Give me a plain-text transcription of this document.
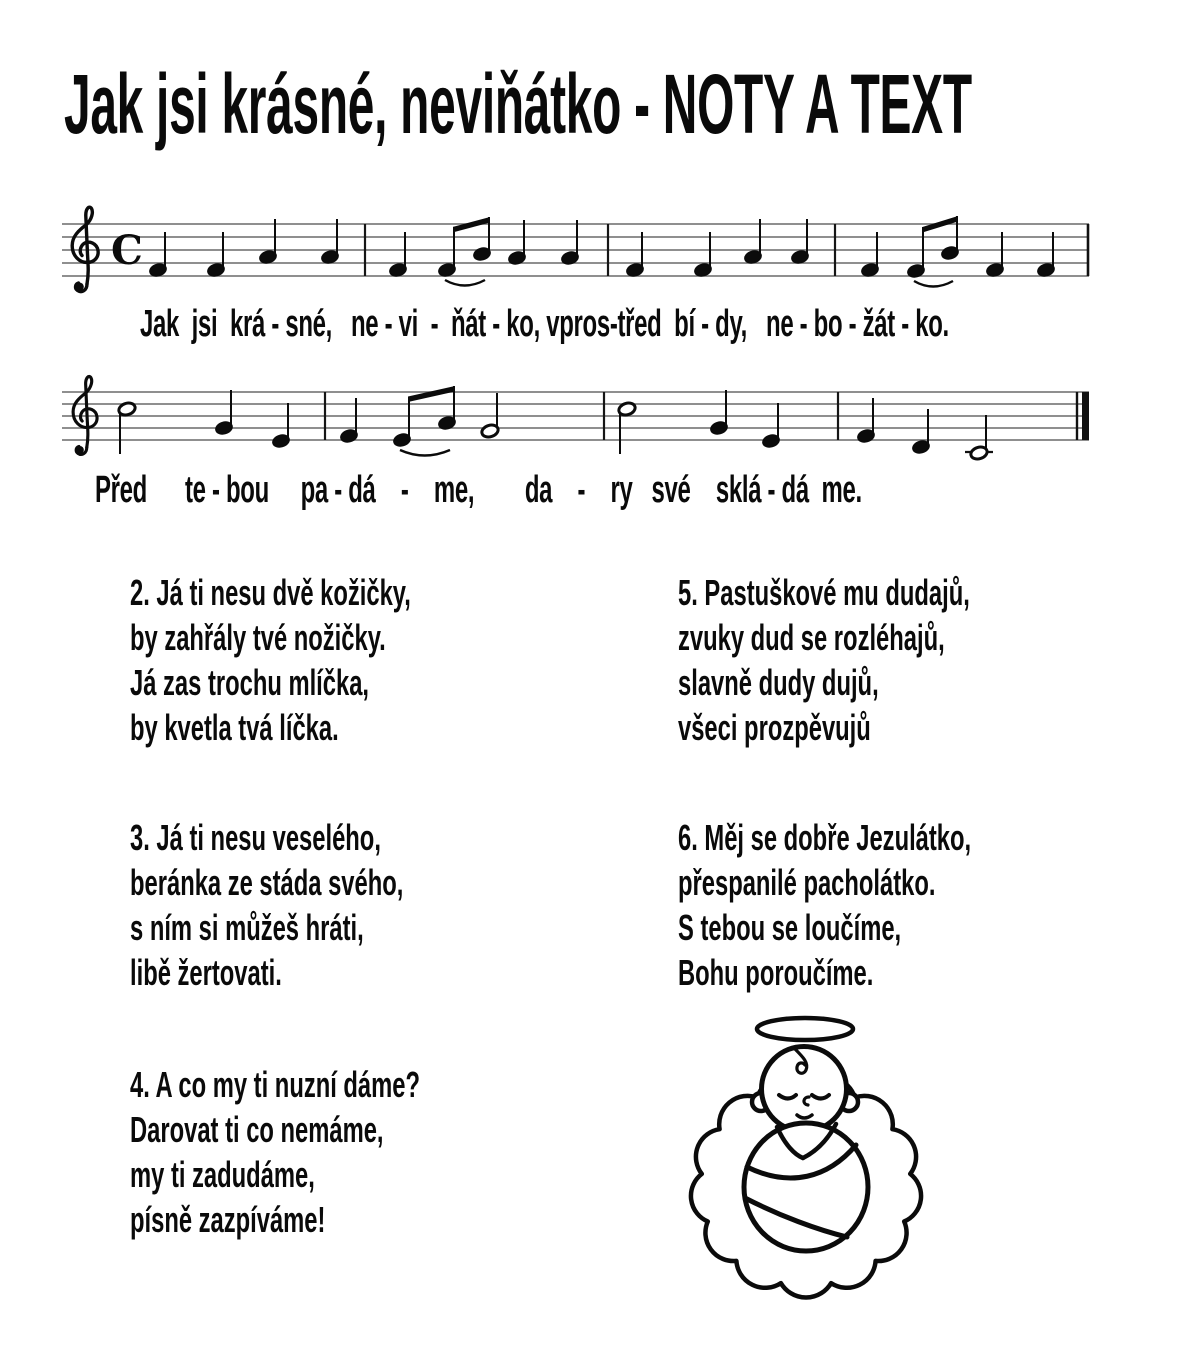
Jak jsi krásné, neviňátko - NOTY A TEXT
C
Jak  jsi  krá - sné,   ne - vi  -  ňát - ko, vpros-třed  bí - dy,   ne - bo - žát - ko.
Před      te - bou     pa - dá    -    me,        da    -    ry   své    sklá - dá  me.
2. Já ti nesu dvě kožičky,
by zahřály tvé nožičky.
Já zas trochu mlíčka,
by kvetla tvá líčka.
3. Já ti nesu veselého,
beránka ze stáda svého,
s ním si můžeš hráti,
libě žertovati.
4. A co my ti nuzní dáme?
Darovat ti co nemáme,
my ti zadudáme,
písně zazpíváme!
5. Pastuškové mu dudajů,
zvuky dud se rozléhajů,
slavně dudy dujů,
všeci prozpěvujů
6. Měj se dobře Jezulátko,
přespanilé pacholátko.
S tebou se loučíme,
Bohu poroučíme.
